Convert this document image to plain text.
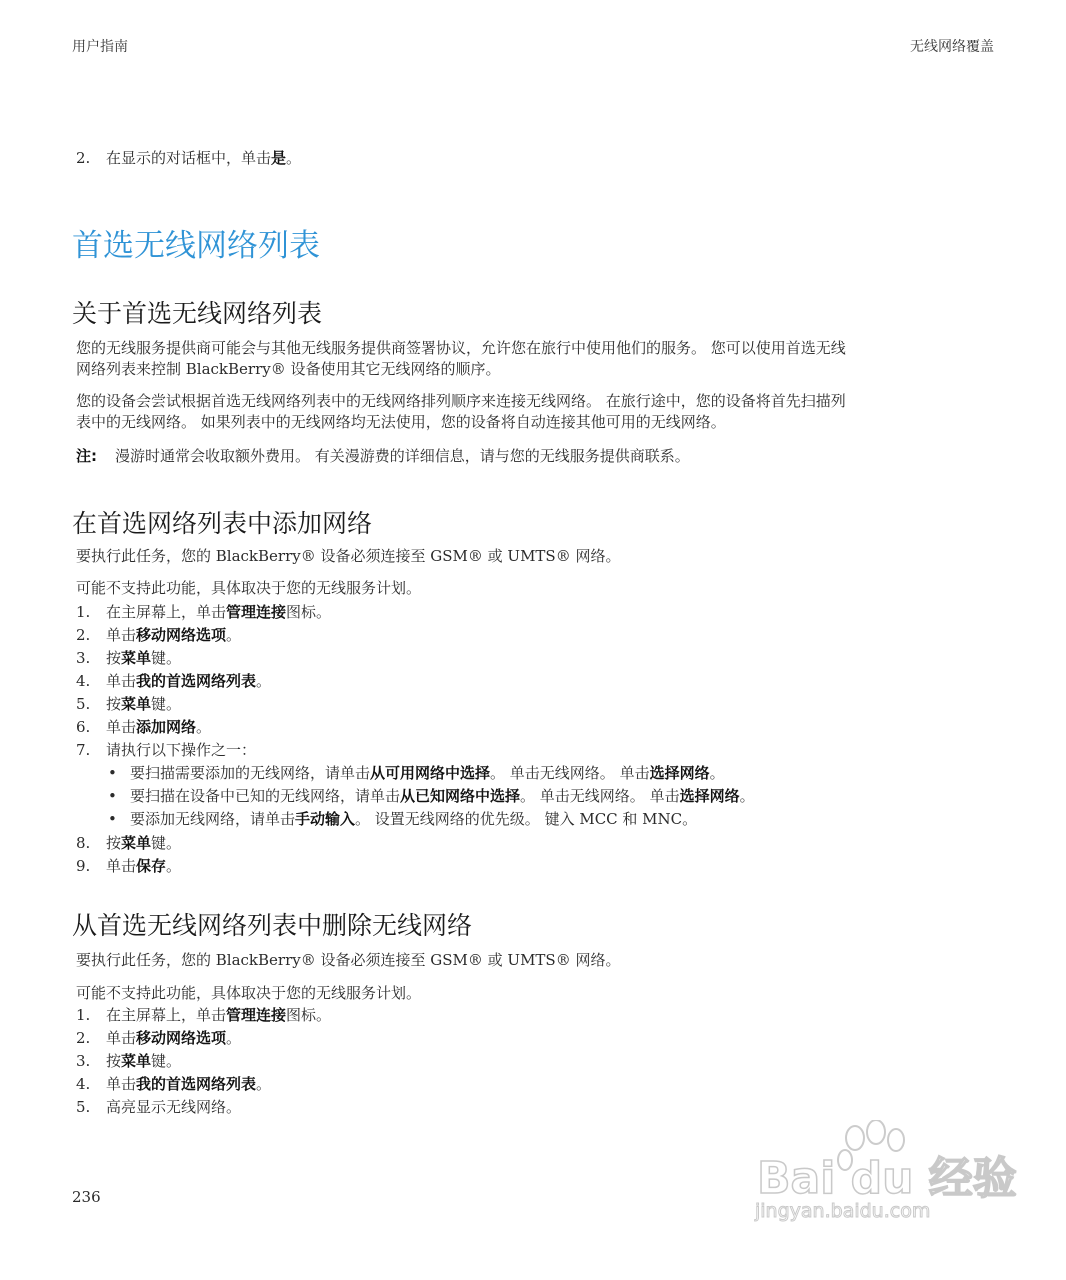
用户指南	无线网络覆盖
2. 在显示的对话框中，单击是。
首选无线网络列表
关于首选无线网络列表
您的无线服务提供商可能会与其他无线服务提供商签署协议，允许您在旅行中使用他们的服务。 您可以使用首选无线
网络列表来控制 BlackBerry® 设备使用其它无线网络的顺序。
您的设备会尝试根据首选无线网络列表中的无线网络排列顺序来连接无线网络。 在旅行途中，您的设备将首先扫描列
表中的无线网络。 如果列表中的无线网络均无法使用，您的设备将自动连接其他可用的无线网络。
注: 漫游时通常会收取额外费用。 有关漫游费的详细信息，请与您的无线服务提供商联系。
在首选网络列表中添加网络
要执行此任务，您的 BlackBerry® 设备必须连接至 GSM® 或 UMTS® 网络。
可能不支持此功能，具体取决于您的无线服务计划。
1. 在主屏幕上，单击管理连接图标。
2. 单击移动网络选项。
3. 按菜单键。
4. 单击我的首选网络列表。
5. 按菜单键。
6. 单击添加网络。
7. 请执行以下操作之一：
• 要扫描需要添加的无线网络，请单击从可用网络中选择。 单击无线网络。 单击选择网络。
• 要扫描在设备中已知的无线网络，请单击从已知网络中选择。 单击无线网络。 单击选择网络。
• 要添加无线网络，请单击手动输入。 设置无线网络的优先级。 键入 MCC 和 MNC。
8. 按菜单键。
9. 单击保存。
从首选无线网络列表中删除无线网络
要执行此任务，您的 BlackBerry® 设备必须连接至 GSM® 或 UMTS® 网络。
可能不支持此功能，具体取决于您的无线服务计划。
1. 在主屏幕上，单击管理连接图标。
2. 单击移动网络选项。
3. 按菜单键。
4. 单击我的首选网络列表。
5. 高亮显示无线网络。
236	Bai du 经验
jingyan.baidu.com
